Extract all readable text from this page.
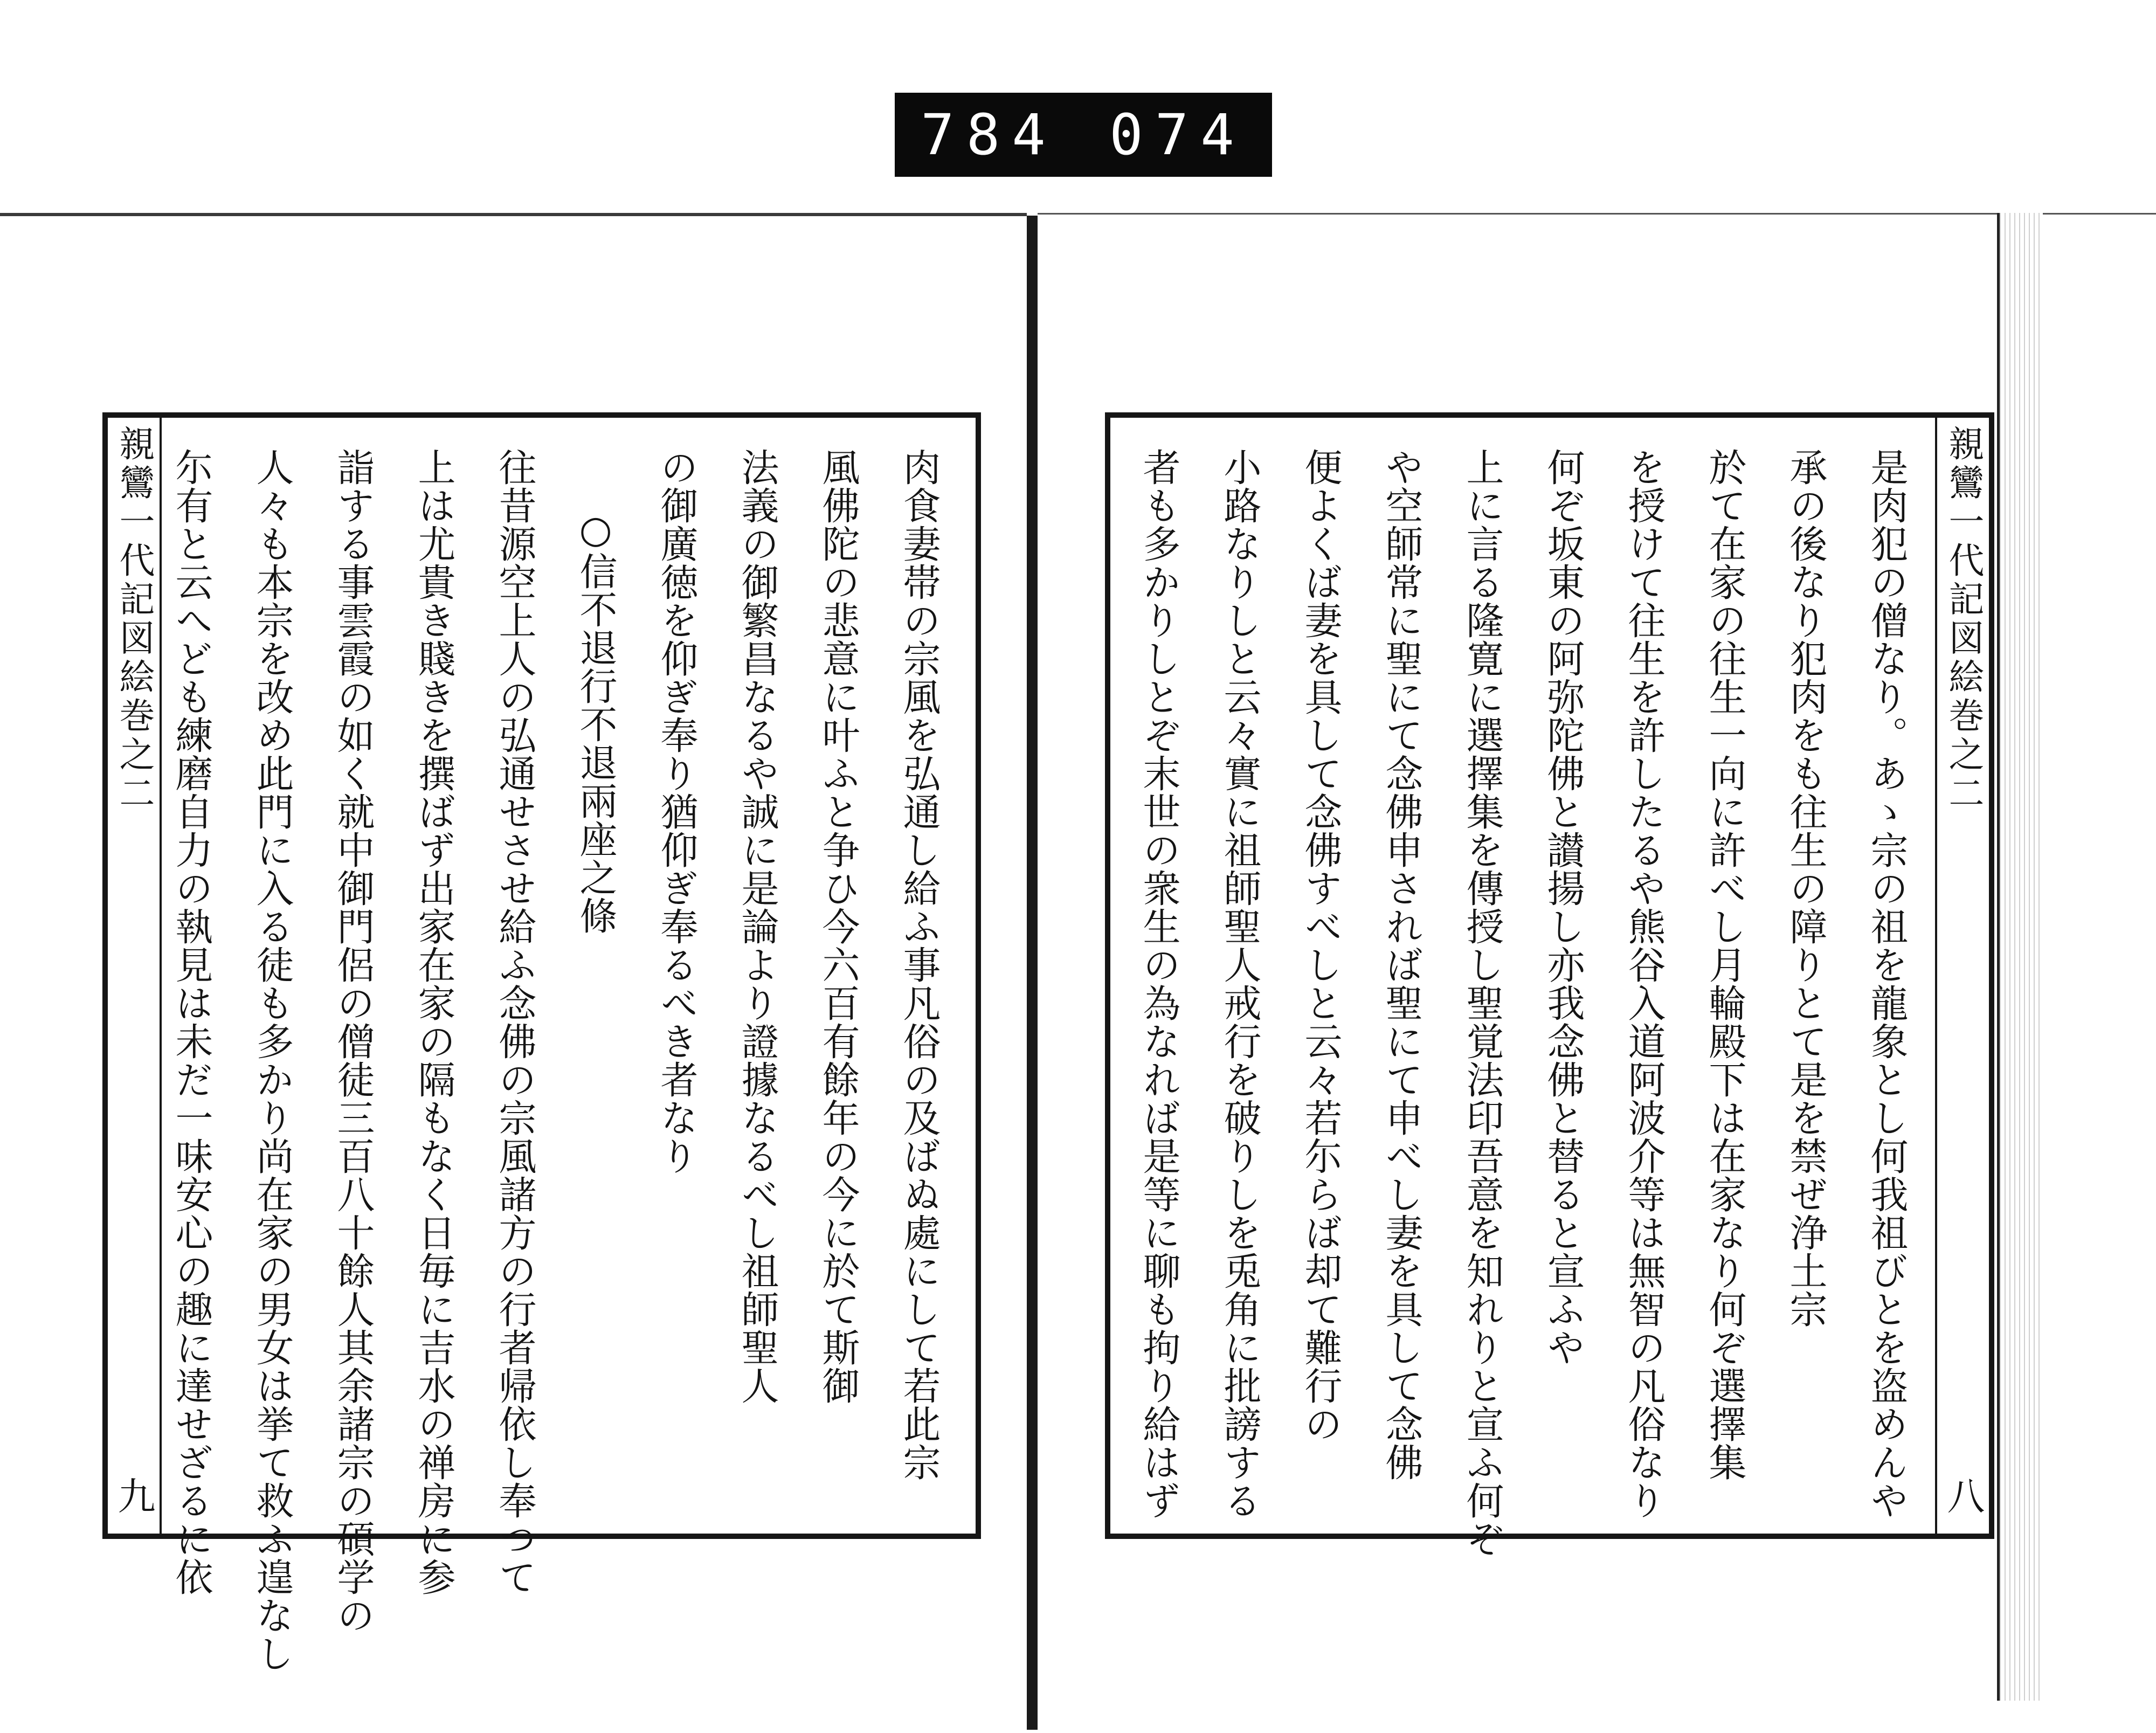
784 074
親鸞一代記図絵巻之二
八
是肉犯の僧なり。あゝ宗の祖を龍象とし何我祖びとを盗めんや
承の後なり犯肉をも往生の障りとて是を禁ぜ浄土宗
於て在家の往生一向に許べし月輪殿下は在家なり何ぞ選擇集
を授けて往生を許したるや熊谷入道阿波介等は無智の凡俗なり
何ぞ坂東の阿弥陀佛と讃揚し亦我念佛と替ると宣ふや
上に言る隆寛に選擇集を傳授し聖覚法印吾意を知れりと宣ふ何ぞ
や空師常に聖にて念佛申されば聖にて申べし妻を具して念佛
便よくば妻を具して念佛すべしと云々若尓らば却て難行の
小路なりしと云々實に祖師聖人戒行を破りしを兎角に批謗する
者も多かりしとぞ末世の衆生の為なれば是等に聊も拘り給はず
親鸞一代記図絵巻之二
九
肉食妻帯の宗風を弘通し給ふ事凡俗の及ばぬ處にして若此宗
風佛陀の悲意に叶ふと争ひ今六百有餘年の今に於て斯御
法義の御繁昌なるや誠に是論より證據なるべし祖師聖人
の御廣徳を仰ぎ奉り猶仰ぎ奉るべき者なり
○信不退行不退兩座之條
往昔源空上人の弘通せさせ給ふ念佛の宗風諸方の行者帰依し奉つて
上は尤貴き賤きを撰ばず出家在家の隔もなく日毎に吉水の禅房に参
詣する事雲霞の如く就中御門侶の僧徒三百八十餘人其余諸宗の碩学の
人々も本宗を改め此門に入る徒も多かり尚在家の男女は挙て救ふ遑なし
尓有と云へども練磨自力の執見は未だ一味安心の趣に達せざるに依
